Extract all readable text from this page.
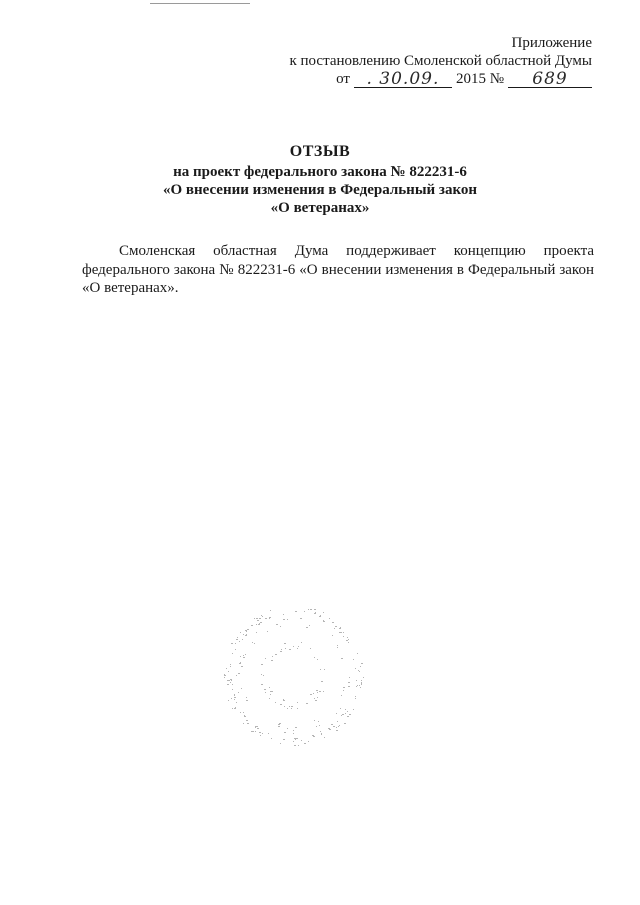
Приложение
к постановлению Смоленской областной Думы
от . 30.09.	2015 №	689
ОТЗЫВ
на проект федерального закона № 822231-6
«О внесении изменения в Федеральный закон
«О ветеранах»
Смоленская областная Дума поддерживает концепцию проекта федерального закона № 822231-6 «О внесении изменения в Федеральный закон «О ветеранах».
